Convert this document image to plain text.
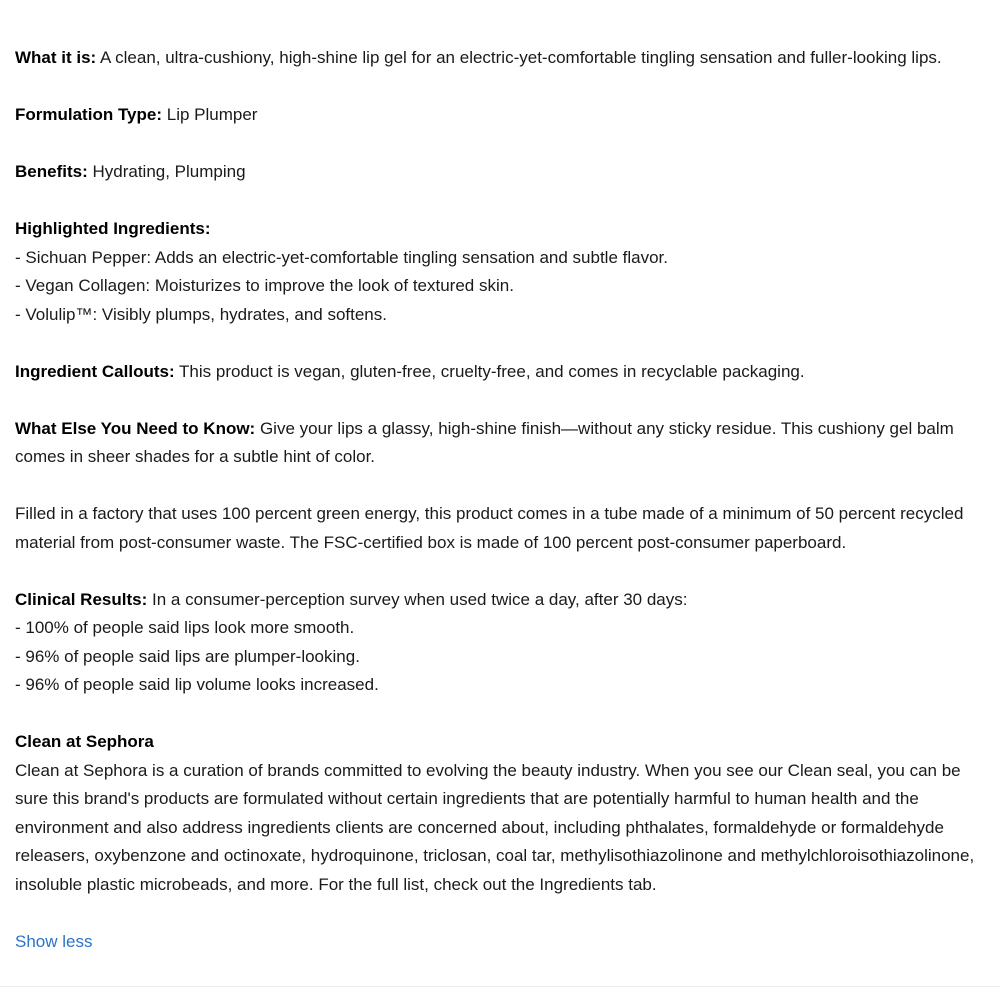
What it is: A clean, ultra-cushiony, high-shine lip gel for an electric-yet-comfortable tingling sensation and fuller-looking lips.

Formulation Type: Lip Plumper

Benefits: Hydrating, Plumping

Highlighted Ingredients:
- Sichuan Pepper: Adds an electric-yet-comfortable tingling sensation and subtle flavor.
- Vegan Collagen: Moisturizes to improve the look of textured skin.
- Volulip™: Visibly plumps, hydrates, and softens.

Ingredient Callouts: This product is vegan, gluten-free, cruelty-free, and comes in recyclable packaging.

What Else You Need to Know: Give your lips a glassy, high-shine finish—without any sticky residue. This cushiony gel balm comes in sheer shades for a subtle hint of color.

Filled in a factory that uses 100 percent green energy, this product comes in a tube made of a minimum of 50 percent recycled material from post-consumer waste. The FSC-certified box is made of 100 percent post-consumer paperboard.

Clinical Results: In a consumer-perception survey when used twice a day, after 30 days:
- 100% of people said lips look more smooth.
- 96% of people said lips are plumper-looking.
- 96% of people said lip volume looks increased.

Clean at Sephora
Clean at Sephora is a curation of brands committed to evolving the beauty industry. When you see our Clean seal, you can be sure this brand's products are formulated without certain ingredients that are potentially harmful to human health and the environment and also address ingredients clients are concerned about, including phthalates, formaldehyde or formaldehyde releasers, oxybenzone and octinoxate, hydroquinone, triclosan, coal tar, methylisothiazolinone and methylchloroisothiazolinone, insoluble plastic microbeads, and more. For the full list, check out the Ingredients tab.

Show less
